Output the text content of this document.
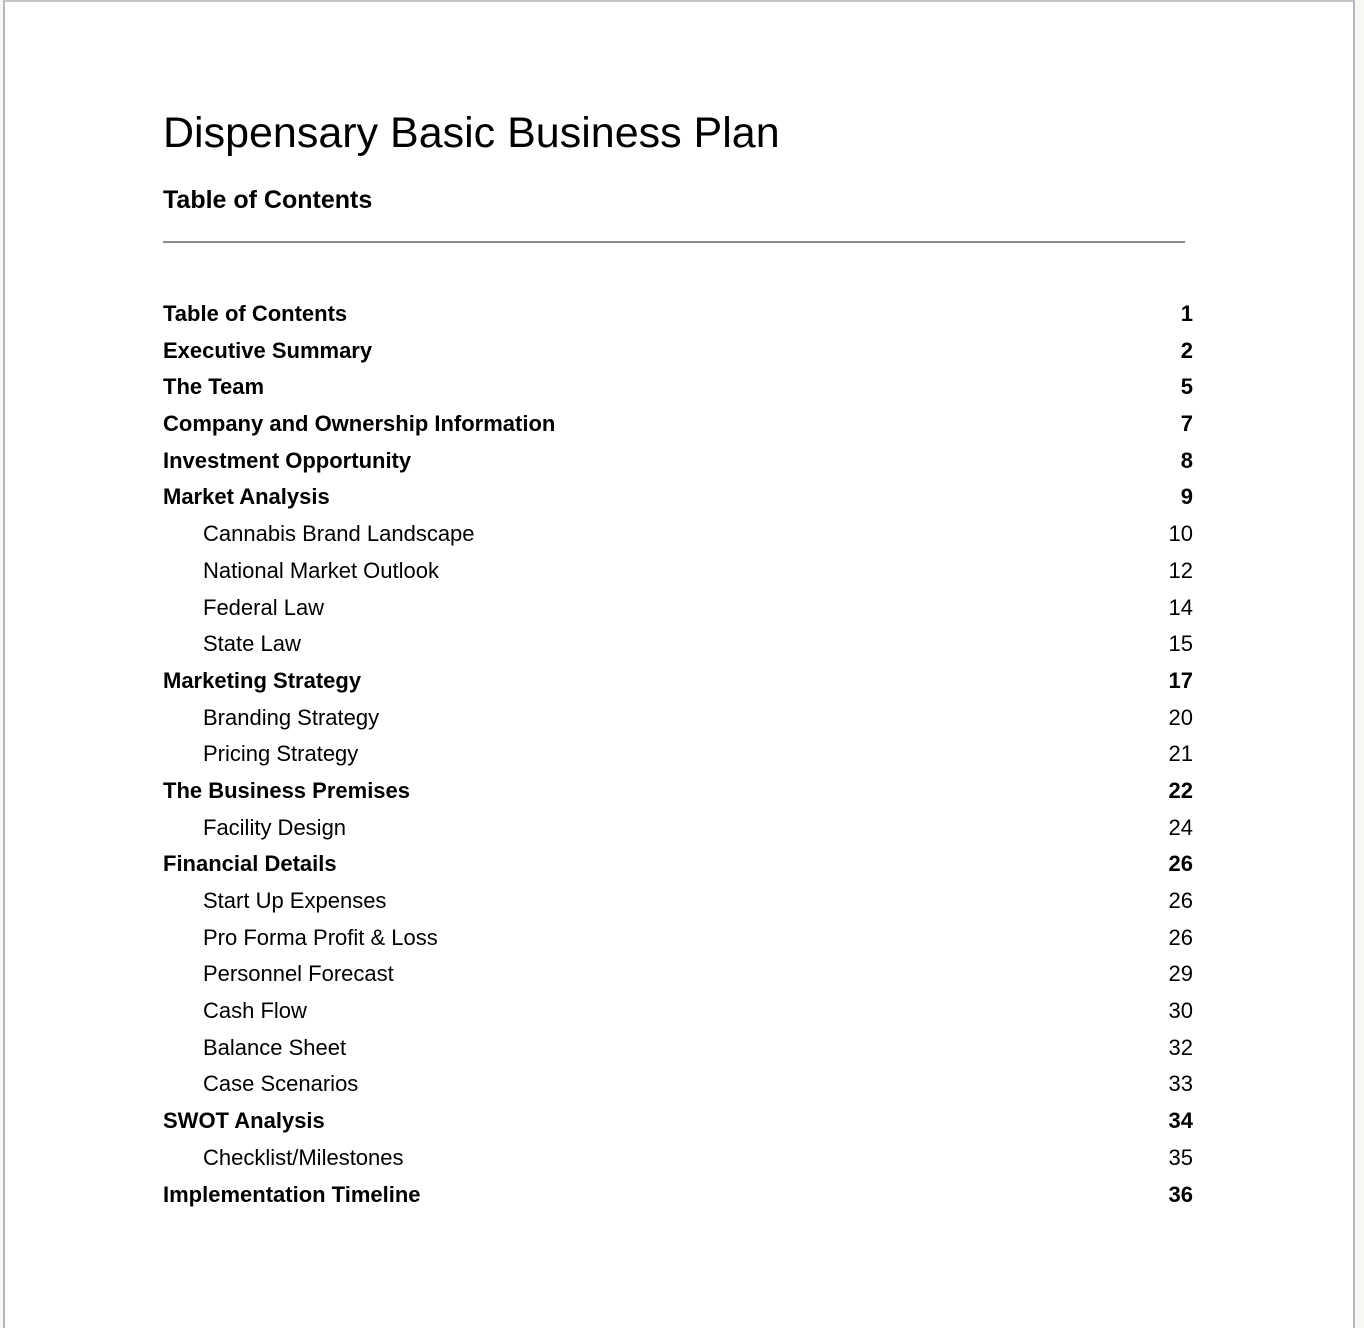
Dispensary Basic Business Plan
Table of Contents
Table of Contents	1
Executive Summary	2
The Team	5
Company and Ownership Information	7
Investment Opportunity	8
Market Analysis	9
Cannabis Brand Landscape	10
National Market Outlook	12
Federal Law	14
State Law	15
Marketing Strategy	17
Branding Strategy	20
Pricing Strategy	21
The Business Premises	22
Facility Design	24
Financial Details	26
Start Up Expenses	26
Pro Forma Profit & Loss	26
Personnel Forecast	29
Cash Flow	30
Balance Sheet	32
Case Scenarios	33
SWOT Analysis	34
Checklist/Milestones	35
Implementation Timeline	36
